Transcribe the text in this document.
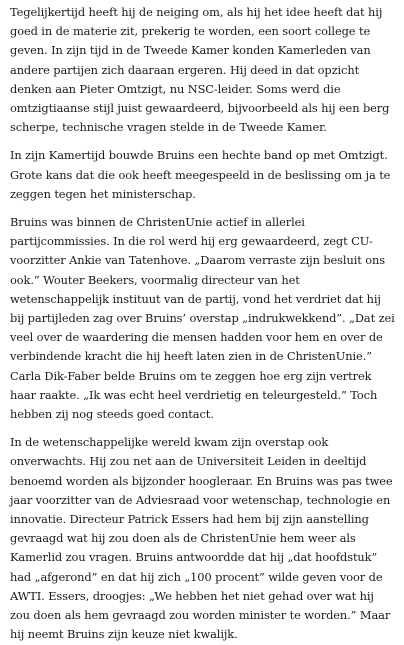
Tegelijkertijd heeft hij de neiging om, als hij het idee heeft dat hij goed in de materie zit, prekerig te worden, een soort college te geven. In zijn tijd in de Tweede Kamer konden Kamerleden van andere partijen zich daaraan ergeren. Hij deed in dat opzicht denken aan Pieter Omtzigt, nu NSC-leider. Soms werd die omtzigtiaanse stijl juist gewaardeerd, bijvoorbeeld als hij een berg scherpe, technische vragen stelde in de Tweede Kamer.

In zijn Kamertijd bouwde Bruins een hechte band op met Omtzigt. Grote kans dat die ook heeft meegespeeld in de beslissing om ja te zeggen tegen het ministerschap.

Bruins was binnen de ChristenUnie actief in allerlei partijcommissies. In die rol werd hij erg gewaardeerd, zegt CU-voorzitter Ankie van Tatenhove. „Daarom verraste zijn besluit ons ook.” Wouter Beekers, voormalig directeur van het wetenschappelijk instituut van de partij, vond het verdriet dat hij bij partijleden zag over Bruins’ overstap „indrukwekkend”. „Dat zei veel over de waardering die mensen hadden voor hem en over de verbindende kracht die hij heeft laten zien in de ChristenUnie.” Carla Dik-Faber belde Bruins om te zeggen hoe erg zijn vertrek haar raakte. „Ik was echt heel verdrietig en teleurgesteld.” Toch hebben zij nog steeds goed contact.

In de wetenschappelijke wereld kwam zijn overstap ook onverwachts. Hij zou net aan de Universiteit Leiden in deeltijd benoemd worden als bijzonder hoogleraar. En Bruins was pas twee jaar voorzitter van de Adviesraad voor wetenschap, technologie en innovatie. Directeur Patrick Essers had hem bij zijn aanstelling gevraagd wat hij zou doen als de ChristenUnie hem weer als Kamerlid zou vragen. Bruins antwoordde dat hij „dat hoofdstuk” had „afgerond” en dat hij zich „100 procent” wilde geven voor de AWTI. Essers, droogjes: „We hebben het niet gehad over wat hij zou doen als hem gevraagd zou worden minister te worden.” Maar hij neemt Bruins zijn keuze niet kwalijk.
